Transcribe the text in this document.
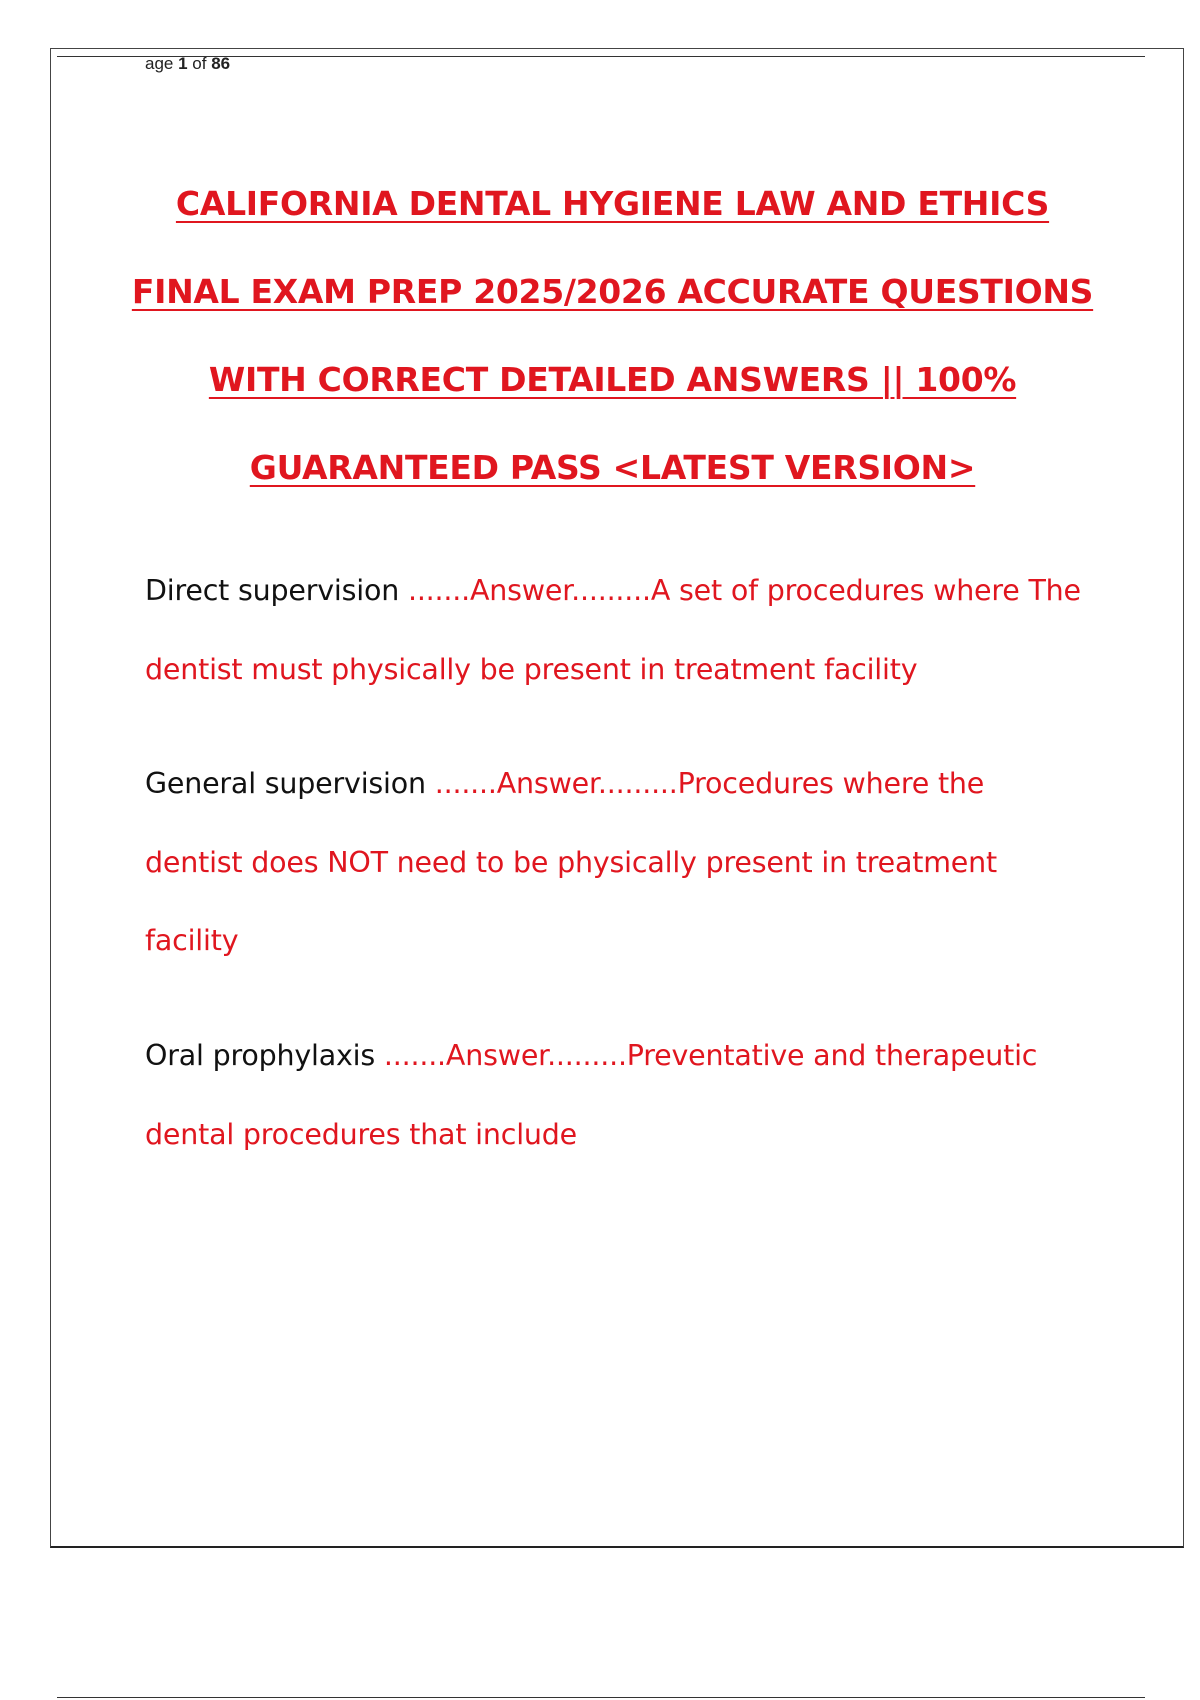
age 1 of 86
CALIFORNIA DENTAL HYGIENE LAW AND ETHICS
FINAL EXAM PREP 2025/2026 ACCURATE QUESTIONS
WITH CORRECT DETAILED ANSWERS || 100%
GUARANTEED PASS <LATEST VERSION>
Direct supervision .......Answer.........A set of procedures where The
dentist must physically be present in treatment facility
General supervision .......Answer.........Procedures where the
dentist does NOT need to be physically present in treatment
facility
Oral prophylaxis .......Answer.........Preventative and therapeutic
dental procedures that include
